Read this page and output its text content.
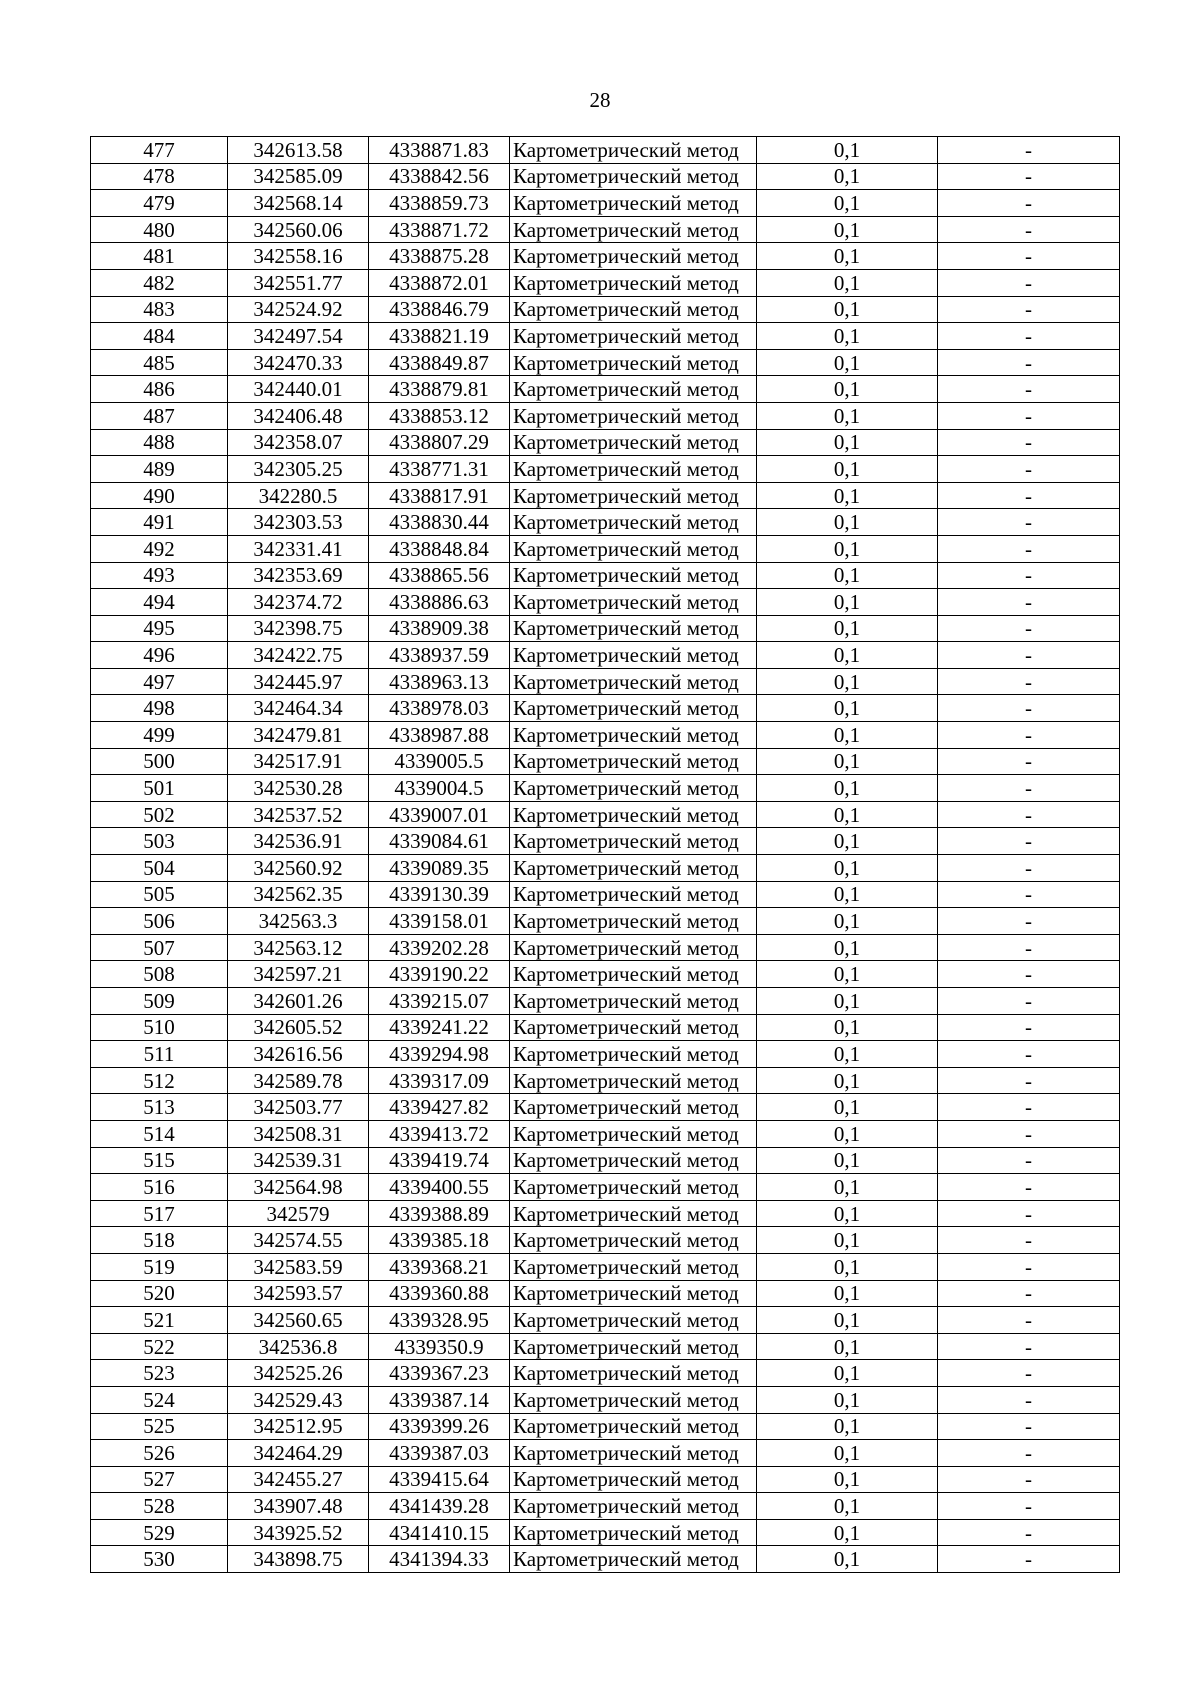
28
477	342613.58	4338871.83	Картометрический метод	0,1	-
478	342585.09	4338842.56	Картометрический метод	0,1	-
479	342568.14	4338859.73	Картометрический метод	0,1	-
480	342560.06	4338871.72	Картометрический метод	0,1	-
481	342558.16	4338875.28	Картометрический метод	0,1	-
482	342551.77	4338872.01	Картометрический метод	0,1	-
483	342524.92	4338846.79	Картометрический метод	0,1	-
484	342497.54	4338821.19	Картометрический метод	0,1	-
485	342470.33	4338849.87	Картометрический метод	0,1	-
486	342440.01	4338879.81	Картометрический метод	0,1	-
487	342406.48	4338853.12	Картометрический метод	0,1	-
488	342358.07	4338807.29	Картометрический метод	0,1	-
489	342305.25	4338771.31	Картометрический метод	0,1	-
490	342280.5	4338817.91	Картометрический метод	0,1	-
491	342303.53	4338830.44	Картометрический метод	0,1	-
492	342331.41	4338848.84	Картометрический метод	0,1	-
493	342353.69	4338865.56	Картометрический метод	0,1	-
494	342374.72	4338886.63	Картометрический метод	0,1	-
495	342398.75	4338909.38	Картометрический метод	0,1	-
496	342422.75	4338937.59	Картометрический метод	0,1	-
497	342445.97	4338963.13	Картометрический метод	0,1	-
498	342464.34	4338978.03	Картометрический метод	0,1	-
499	342479.81	4338987.88	Картометрический метод	0,1	-
500	342517.91	4339005.5	Картометрический метод	0,1	-
501	342530.28	4339004.5	Картометрический метод	0,1	-
502	342537.52	4339007.01	Картометрический метод	0,1	-
503	342536.91	4339084.61	Картометрический метод	0,1	-
504	342560.92	4339089.35	Картометрический метод	0,1	-
505	342562.35	4339130.39	Картометрический метод	0,1	-
506	342563.3	4339158.01	Картометрический метод	0,1	-
507	342563.12	4339202.28	Картометрический метод	0,1	-
508	342597.21	4339190.22	Картометрический метод	0,1	-
509	342601.26	4339215.07	Картометрический метод	0,1	-
510	342605.52	4339241.22	Картометрический метод	0,1	-
511	342616.56	4339294.98	Картометрический метод	0,1	-
512	342589.78	4339317.09	Картометрический метод	0,1	-
513	342503.77	4339427.82	Картометрический метод	0,1	-
514	342508.31	4339413.72	Картометрический метод	0,1	-
515	342539.31	4339419.74	Картометрический метод	0,1	-
516	342564.98	4339400.55	Картометрический метод	0,1	-
517	342579	4339388.89	Картометрический метод	0,1	-
518	342574.55	4339385.18	Картометрический метод	0,1	-
519	342583.59	4339368.21	Картометрический метод	0,1	-
520	342593.57	4339360.88	Картометрический метод	0,1	-
521	342560.65	4339328.95	Картометрический метод	0,1	-
522	342536.8	4339350.9	Картометрический метод	0,1	-
523	342525.26	4339367.23	Картометрический метод	0,1	-
524	342529.43	4339387.14	Картометрический метод	0,1	-
525	342512.95	4339399.26	Картометрический метод	0,1	-
526	342464.29	4339387.03	Картометрический метод	0,1	-
527	342455.27	4339415.64	Картометрический метод	0,1	-
528	343907.48	4341439.28	Картометрический метод	0,1	-
529	343925.52	4341410.15	Картометрический метод	0,1	-
530	343898.75	4341394.33	Картометрический метод	0,1	-
